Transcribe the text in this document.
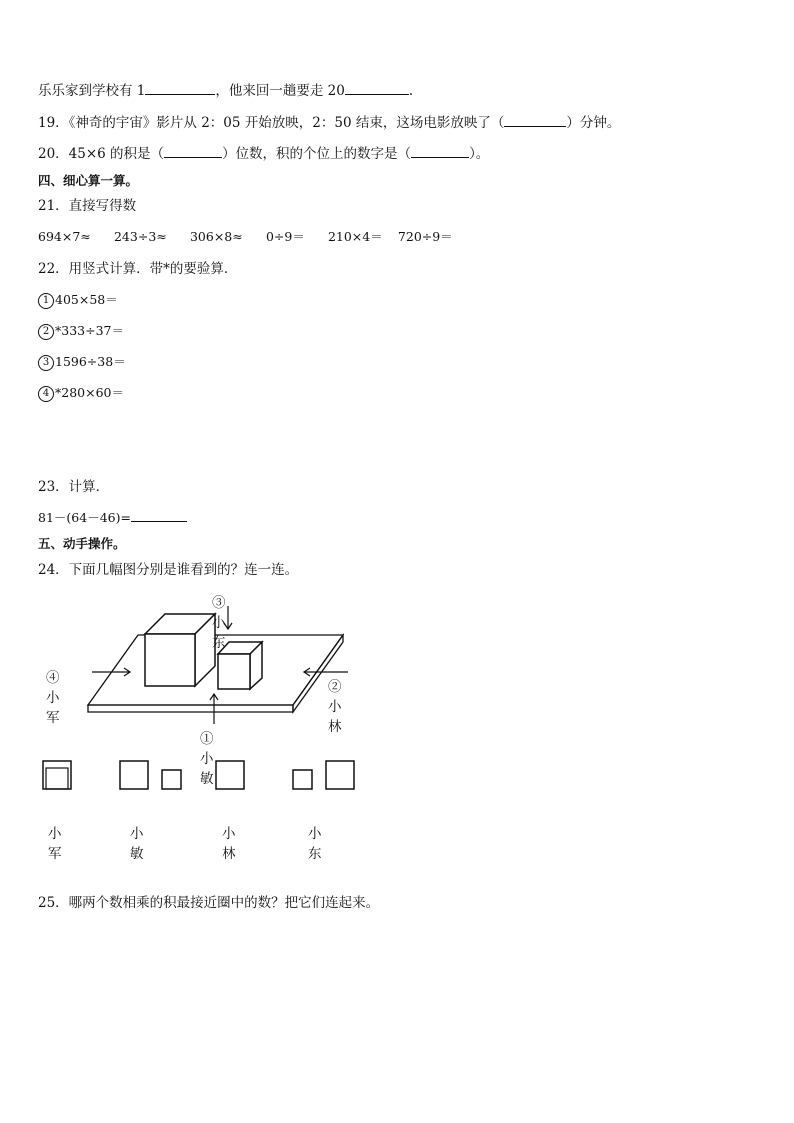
乐乐家到学校有 1	，他来回一趟要走 20	.
19．《神奇的宇宙》影片从 2：05 开始放映，2：50 结束，这场电影放映了（	）分钟。
20．45×6 的积是（	）位数，积的个位上的数字是（	）。
四、细心算一算。
21．直接写得数
694×7≈ 243÷3≈ 306×8≈ 0÷9＝ 210×4＝ 720÷9＝
22．用竖式计算．带*的要验算．
1 405×58＝
2 *333÷37＝
3 1596÷38＝
4 *280×60＝
23．计算．
81－(64－46)=
五、动手操作。
24．下面几幅图分别是谁看到的？连一连。
③小东
②小林
①小敏
④小军
小军
小敏
小林
小东
25．哪两个数相乘的积最接近圈中的数？把它们连起来。
